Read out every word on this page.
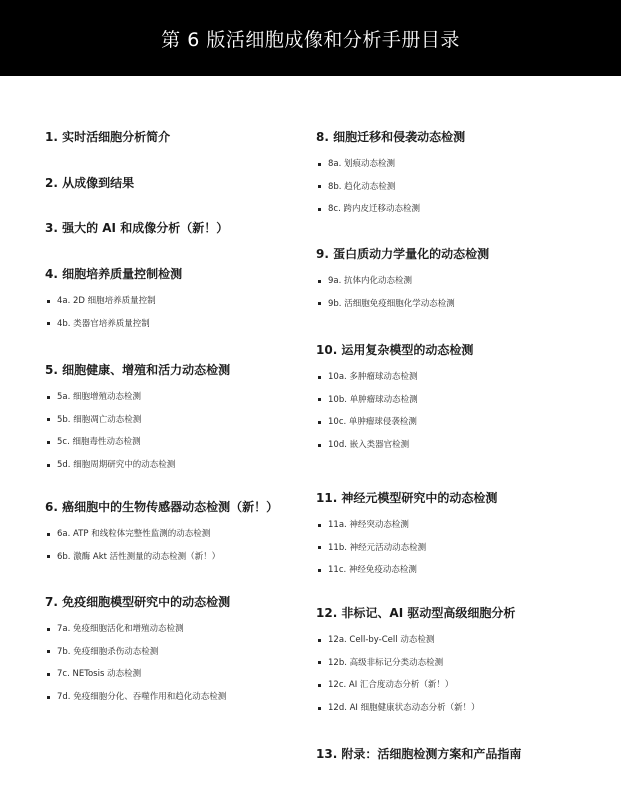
第 6 版活细胞成像和分析手册目录
1. 实时活细胞分析简介
2. 从成像到结果
3. 强大的 AI 和成像分析（新！）
4. 细胞培养质量控制检测
4a. 2D 细胞培养质量控制
4b. 类器官培养质量控制
5. 细胞健康、增殖和活力动态检测
5a. 细胞增殖动态检测
5b. 细胞凋亡动态检测
5c. 细胞毒性动态检测
5d. 细胞周期研究中的动态检测
6. 癌细胞中的生物传感器动态检测（新！）
6a. ATP 和线粒体完整性监测的动态检测
6b. 激酶 Akt 活性测量的动态检测（新！）
7. 免疫细胞模型研究中的动态检测
7a. 免疫细胞活化和增殖动态检测
7b. 免疫细胞杀伤动态检测
7c. NETosis 动态检测
7d. 免疫细胞分化、吞噬作用和趋化动态检测
8. 细胞迁移和侵袭动态检测
8a. 划痕动态检测
8b. 趋化动态检测
8c. 跨内皮迁移动态检测
9. 蛋白质动力学量化的动态检测
9a. 抗体内化动态检测
9b. 活细胞免疫细胞化学动态检测
10. 运用复杂模型的动态检测
10a. 多肿瘤球动态检测
10b. 单肿瘤球动态检测
10c. 单肿瘤球侵袭检测
10d. 嵌入类器官检测
11. 神经元模型研究中的动态检测
11a. 神经突动态检测
11b. 神经元活动动态检测
11c. 神经免疫动态检测
12. 非标记、AI 驱动型高级细胞分析
12a. Cell-by-Cell 动态检测
12b. 高级非标记分类动态检测
12c. AI 汇合度动态分析（新！）
12d. AI 细胞健康状态动态分析（新！）
13. 附录：活细胞检测方案和产品指南
